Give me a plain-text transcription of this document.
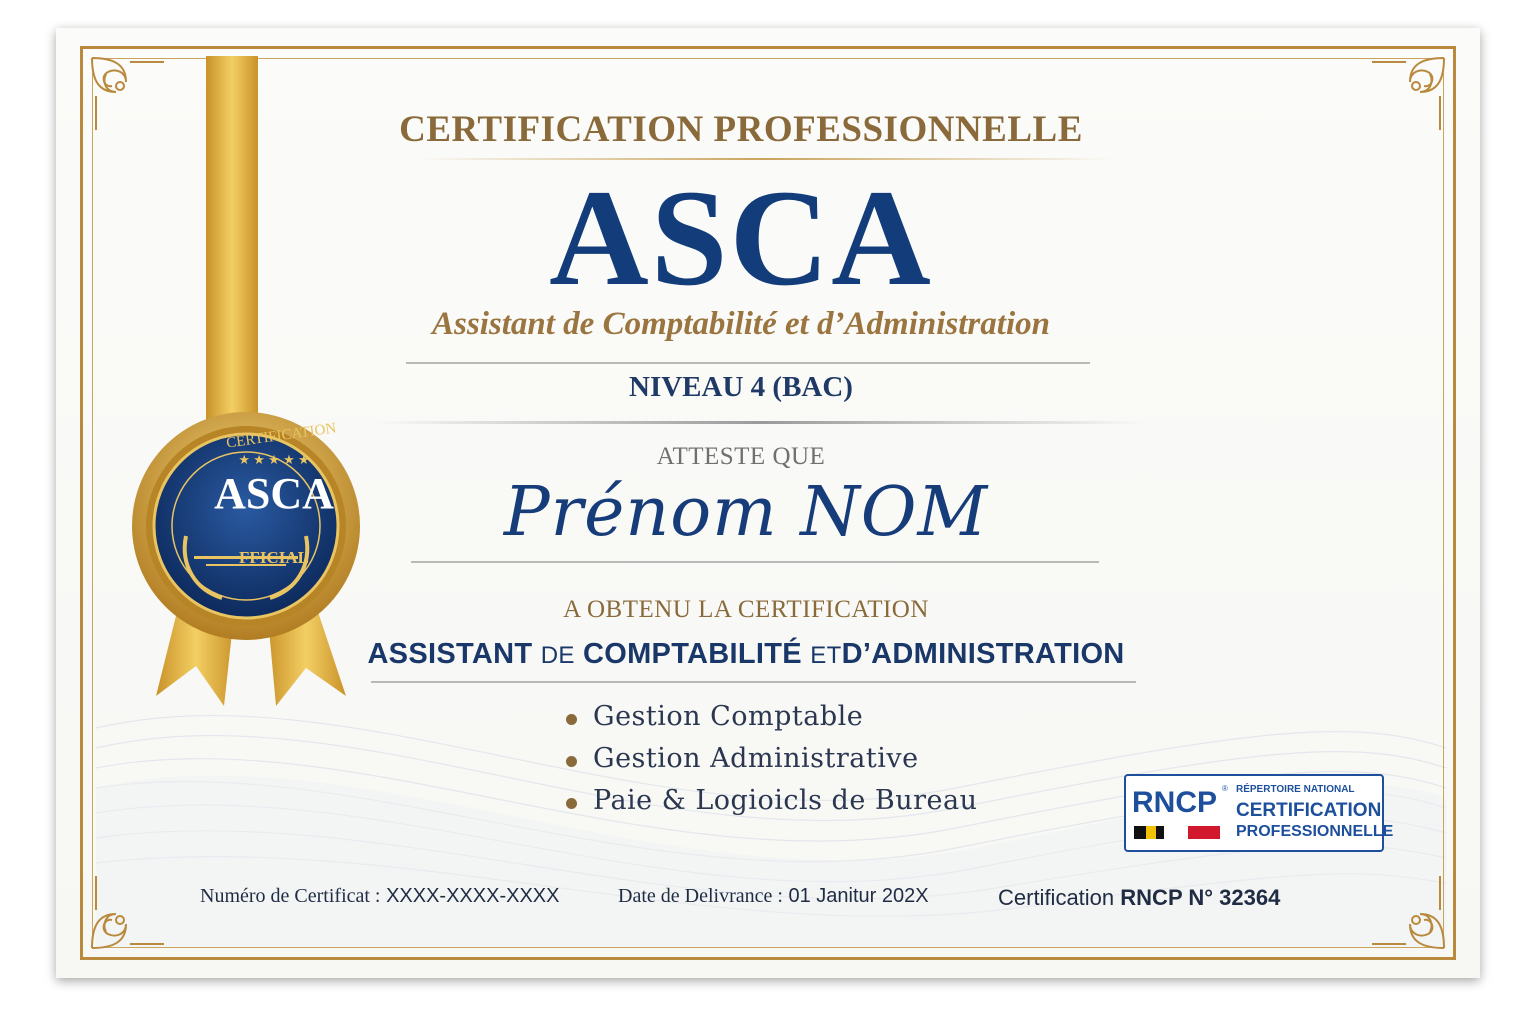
CERTIFICATION
★ ★ ★ ★ ★
ASCA
FFICIAL
CERTIFICATION PROFESSIONNELLE
ASCA
Assistant de Comptabilité et d’Administration
NIVEAU 4 (BAC)
ATTESTE QUE
Prénom NOM
A OBTENU LA CERTIFICATION
ASSISTANT DE COMPTABILITÉ ETD’ADMINISTRATION
Gestion Comptable
Gestion Administrative
Paie & Logioicls de Bureau	RNCP ® RÉPERTOIRE NATIONAL
CERTIFICATION
PROFESSIONNELLE
Numéro de Certificat : XXXX-XXXX-XXXX	Date de Delivrance : 01 Janitur 202X	Certification RNCP N° 32364
